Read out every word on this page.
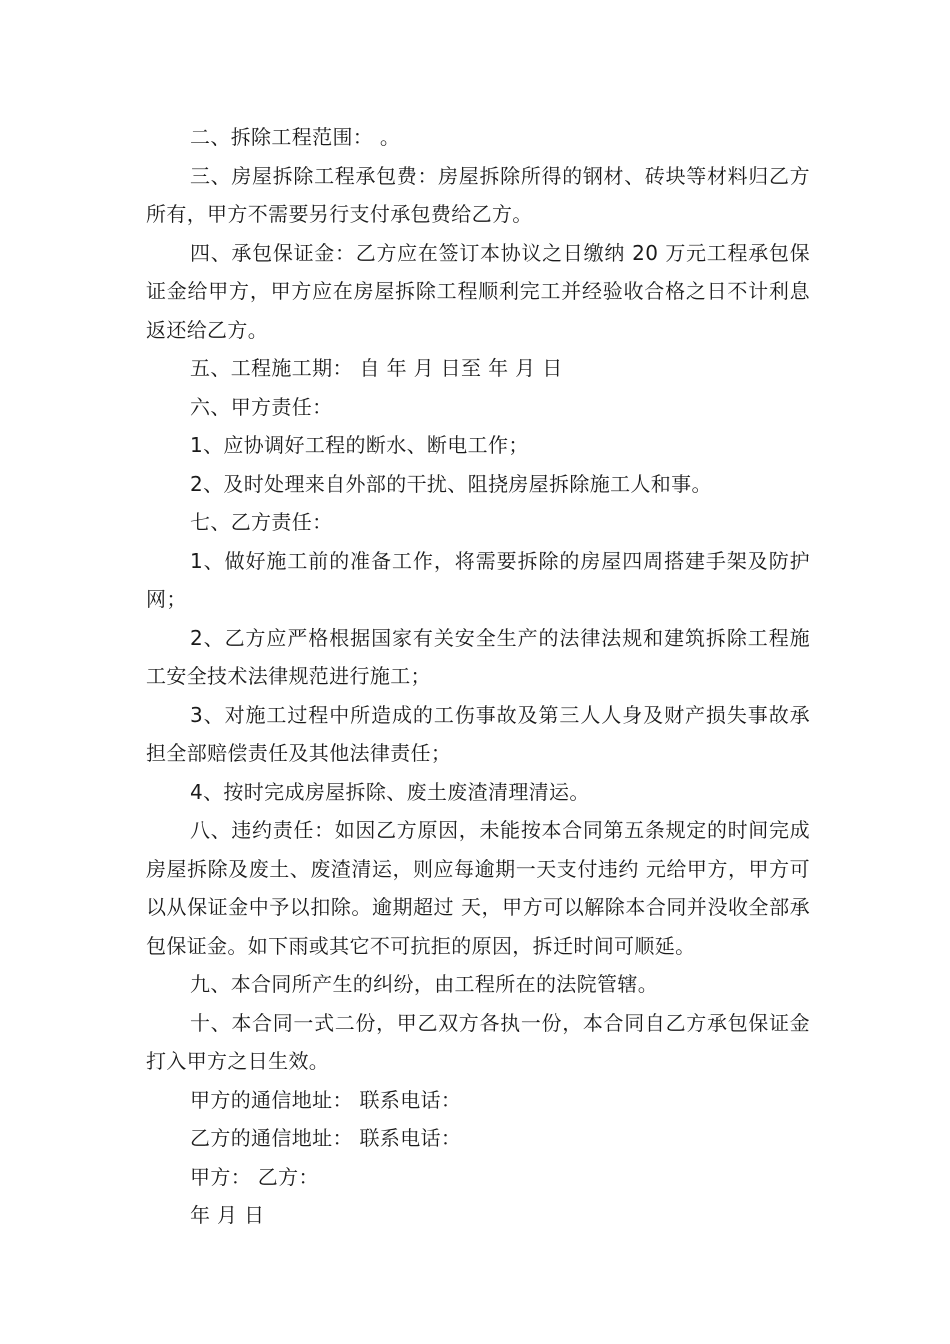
二、拆除工程范围： 。

三、房屋拆除工程承包费：房屋拆除所得的钢材、砖块等材料归乙方所有，甲方不需要另行支付承包费给乙方。

四、承包保证金：乙方应在签订本协议之日缴纳 20 万元工程承包保证金给甲方，甲方应在房屋拆除工程顺利完工并经验收合格之日不计利息返还给乙方。

五、工程施工期： 自 年 月 日至 年 月 日

六、甲方责任：

1、应协调好工程的断水、断电工作；

2、及时处理来自外部的干扰、阻挠房屋拆除施工人和事。

七、乙方责任：

1、做好施工前的准备工作，将需要拆除的房屋四周搭建手架及防护网；

2、乙方应严格根据国家有关安全生产的法律法规和建筑拆除工程施工安全技术法律规范进行施工；

3、对施工过程中所造成的工伤事故及第三人人身及财产损失事故承担全部赔偿责任及其他法律责任；

4、按时完成房屋拆除、废土废渣清理清运。

八、违约责任：如因乙方原因，未能按本合同第五条规定的时间完成房屋拆除及废土、废渣清运，则应每逾期一天支付违约 元给甲方，甲方可以从保证金中予以扣除。逾期超过 天，甲方可以解除本合同并没收全部承包保证金。如下雨或其它不可抗拒的原因，拆迁时间可顺延。

九、本合同所产生的纠纷，由工程所在的法院管辖。

十、本合同一式二份，甲乙双方各执一份，本合同自乙方承包保证金打入甲方之日生效。

甲方的通信地址： 联系电话：

乙方的通信地址： 联系电话：

甲方： 乙方：

年 月 日
